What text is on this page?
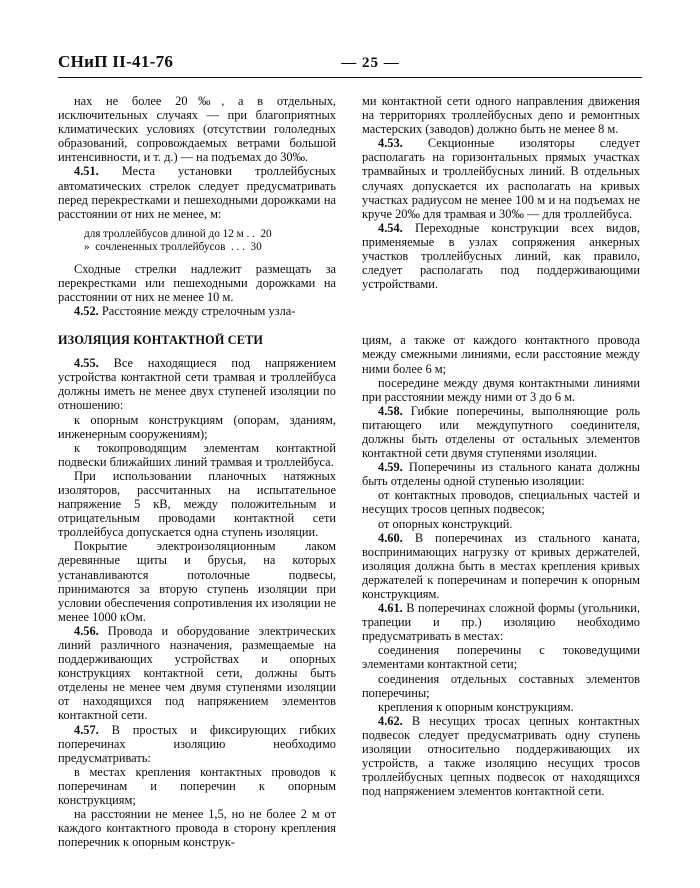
СНиП II-41-76	— 25 —

нах не более 20‰, а в отдельных, исключительных случаях — при благоприятных климатических условиях (отсутствии гололедных образований, сопровождаемых ветрами большой интенсивности, и т. д.) — на подъемах до 30‰.

4.51. Места установки троллейбусных автоматических стрелок следует предусматривать перед перекрестками и пешеходными дорожками на расстоянии от них не менее, м:

для троллейбусов длиной до 12 м . .  20
»  сочлененных троллейбусов  . . .  30

Сходные стрелки надлежит размещать за перекрестками или пешеходными дорожками на расстоянии от них не менее 10 м.

4.52. Расстояние между стрелочным узла-

ИЗОЛЯЦИЯ КОНТАКТНОЙ СЕТИ

4.55. Все находящиеся под напряжением устройства контактной сети трамвая и троллейбуса должны иметь не менее двух ступеней изоляции по отношению:

к опорным конструкциям (опорам, зданиям, инженерным сооружениям);

к токопроводящим элементам контактной подвески ближайших линий трамвая и троллейбуса.

При использовании планочных натяжных изоляторов, рассчитанных на испытательное напряжение 5 кВ, между положительным и отрицательным проводами контактной сети троллейбуса допускается одна ступень изоляции.

Покрытие электроизоляционным лаком деревянные щиты и брусья, на которых устанавливаются потолочные подвесы, принимаются за вторую ступень изоляции при условии обеспечения сопротивления их изоляции не менее 1000 кОм.

4.56. Провода и оборудование электрических линий различного назначения, размещаемые на поддерживающих устройствах и опорных конструкциях контактной сети, должны быть отделены не менее чем двумя ступенями изоляции от находящихся под напряжением элементов контактной сети.

4.57. В простых и фиксирующих гибких поперечинах изоляцию необходимо предусматривать:

в местах крепления контактных проводов к поперечинам и поперечин к опорным конструкциям;

на расстоянии не менее 1,5, но не более 2 м от каждого контактного провода в сторону крепления поперечник к опорным конструк-

ми контактной сети одного направления движения на территориях троллейбусных депо и ремонтных мастерских (заводов) должно быть не менее 8 м.

4.53. Секционные изоляторы следует располагать на горизонтальных прямых участках трамвайных и троллейбусных линий. В отдельных случаях допускается их располагать на кривых участках радиусом не менее 100 м и на подъемах не круче 20‰ для трамвая и 30‰ — для троллейбуса.

4.54. Переходные конструкции всех видов, применяемые в узлах сопряжения анкерных участков троллейбусных линий, как правило, следует располагать под поддерживающими устройствами.

циям, а также от каждого контактного провода между смежными линиями, если расстояние между ними более 6 м;

посередине между двумя контактными линиями при расстоянии между ними от 3 до 6 м.

4.58. Гибкие поперечины, выполняющие роль питающего или междупутного соединителя, должны быть отделены от остальных элементов контактной сети двумя ступенями изоляции.

4.59. Поперечины из стального каната должны быть отделены одной ступенью изоляции:

от контактных проводов, специальных частей и несущих тросов цепных подвесок;

от опорных конструкций.

4.60. В поперечинах из стального каната, воспринимающих нагрузку от кривых держателей, изоляция должна быть в местах крепления кривых держателей к поперечинам и поперечин к опорным конструкциям.

4.61. В поперечинах сложной формы (угольники, трапеции и пр.) изоляцию необходимо предусматривать в местах:

соединения поперечины с токоведущими элементами контактной сети;

соединения отдельных составных элементов поперечины;

крепления к опорным конструкциям.

4.62. В несущих тросах цепных контактных подвесок следует предусматривать одну ступень изоляции относительно поддерживающих их устройств, а также изоляцию несущих тросов троллейбусных цепных подвесок от находящихся под напряжением элементов контактной сети.
